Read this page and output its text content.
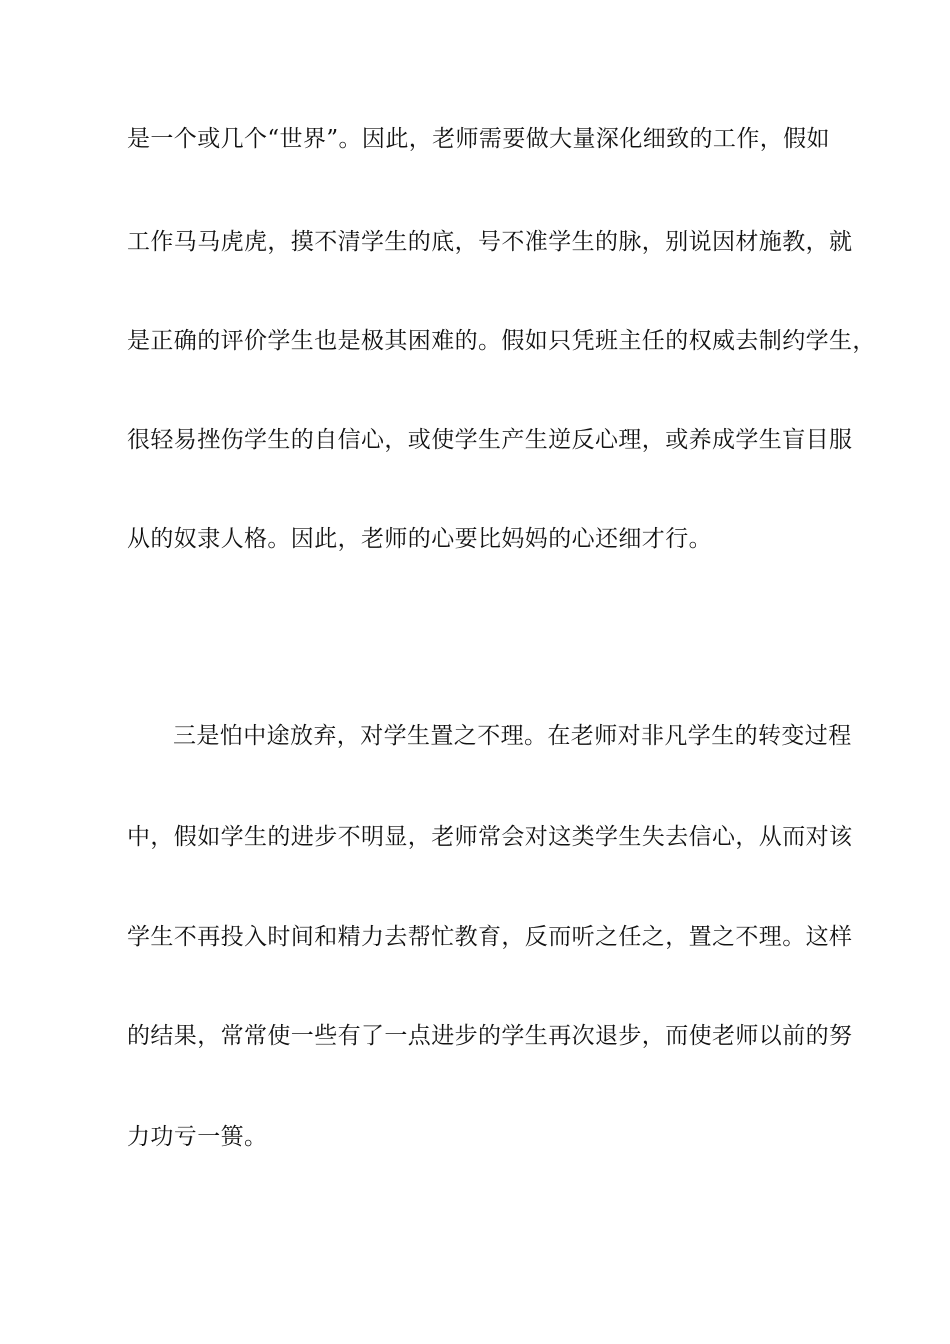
是一个或几个“世界”。因此，老师需要做大量深化细致的工作，假如
工作马马虎虎，摸不清学生的底，号不准学生的脉，别说因材施教，就
是正确的评价学生也是极其困难的。假如只凭班主任的权威去制约学生，
很轻易挫伤学生的自信心，或使学生产生逆反心理，或养成学生盲目服
从的奴隶人格。因此，老师的心要比妈妈的心还细才行。
三是怕中途放弃，对学生置之不理。在老师对非凡学生的转变过程
中，假如学生的进步不明显，老师常会对这类学生失去信心，从而对该
学生不再投入时间和精力去帮忙教育，反而听之任之，置之不理。这样
的结果，常常使一些有了一点进步的学生再次退步，而使老师以前的努
力功亏一篑。
